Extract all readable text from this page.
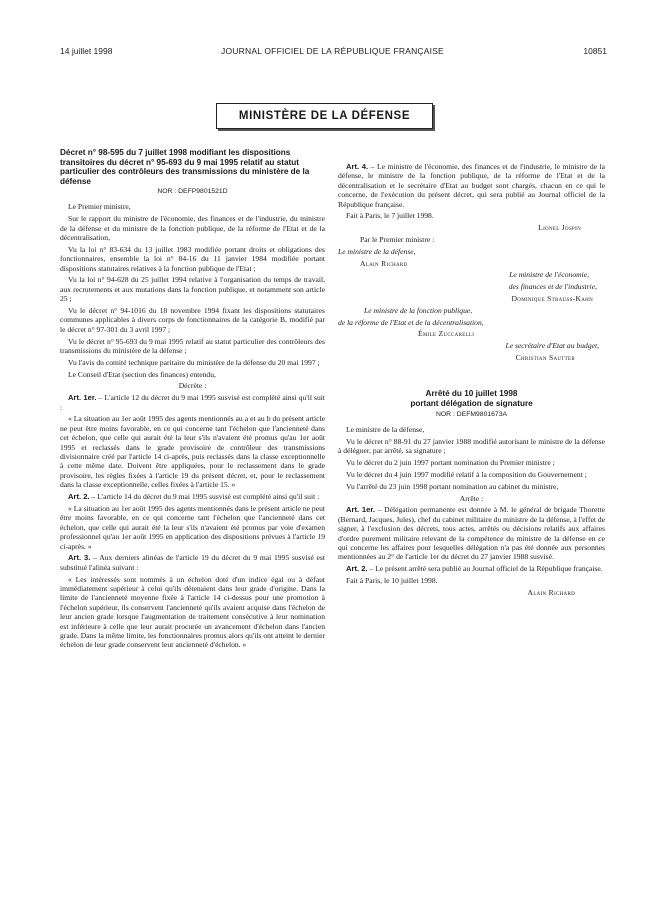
14 juillet 1998	JOURNAL OFFICIEL DE LA RÉPUBLIQUE FRANÇAISE	10851
MINISTÈRE DE LA DÉFENSE
Décret n° 98-595 du 7 juillet 1998 modifiant les dispositions transitoires du décret n° 95-693 du 9 mai 1995 relatif au statut particulier des contrôleurs des transmissions du ministère de la défense
NOR : DEFP9801521D

Le Premier ministre,

Sur le rapport du ministre de l'économie, des finances et de l'industrie, du ministre de la défense et du ministre de la fonction publique, de la réforme de l'Etat et de la décentralisation,

Vu la loi n° 83-634 du 13 juillet 1983 modifiée portant droits et obligations des fonctionnaires, ensemble la loi n° 84-16 du 11 janvier 1984 modifiée portant dispositions statutaires relatives à la fonction publique de l'Etat ;

Vu la loi n° 94-628 du 25 juillet 1994 relative à l'organisation du temps de travail, aux recrutements et aux mutations dans la fonction publique, et notamment son article 25 ;

Vu le décret n° 94-1016 du 18 novembre 1994 fixant les dispositions statutaires communes applicables à divers corps de fonctionnaires de la catégorie B, modifié par le décret n° 97-301 du 3 avril 1997 ;

Vu le décret n° 95-693 du 9 mai 1995 relatif au statut particulier des contrôleurs des transmissions du ministère de la défense ;

Vu l'avis du comité technique paritaire du ministère de la défense du 20 mai 1997 ;

Le Conseil d'Etat (section des finances) entendu,

Décrète :

Art. 1er. – L'article 12 du décret du 9 mai 1995 susvisé est complété ainsi qu'il suit :

« La situation au 1er août 1995 des agents mentionnés au a et au b du présent article ne peut être moins favorable, en ce qui concerne tant l'échelon que l'ancienneté dans cet échelon, que celle qui aurait été la leur s'ils n'avaient été promus qu'au 1er août 1995 et reclassés dans le grade provisoire de contrôleur des transmissions divisionnaire créé par l'article 14 ci-après, puis reclassés dans la classe exceptionnelle à cette même date. Doivent être appliquées, pour le reclassement dans le grade provisoire, les règles fixées à l'article 19 du présent décret, et, pour le reclassement dans la classe exceptionnelle, celles fixées à l'article 15. »

Art. 2. – L'article 14 du décret du 9 mai 1995 susvisé est complété ainsi qu'il suit :

« La situation au 1er août 1995 des agents mentionnés dans le présent article ne peut être moins favorable, en ce qui concerne tant l'échelon que l'ancienneté dans cet échelon, que celle qui aurait été la leur s'ils n'avaient été promus par voie d'examen professionnel qu'au 1er août 1995 en application des dispositions prévues à l'article 19 ci-après. »

Art. 3. – Aux derniers alinéas de l'article 19 du décret du 9 mai 1995 susvisé est substitué l'alinéa suivant :

« Les intéressés sont nommés à un échelon doté d'un indice égal ou à défaut immédiatement supérieur à celui qu'ils détenaient dans leur grade d'origine. Dans la limite de l'ancienneté moyenne fixée à l'article 14 ci-dessus pour une promotion à l'échelon supérieur, ils conservent l'ancienneté qu'ils avaient acquise dans l'échelon de leur ancien grade lorsque l'augmentation de traitement consécutive à leur nomination est inférieure à celle que leur aurait procurée un avancement d'échelon dans l'ancien grade. Dans la même limite, les fonctionnaires promus alors qu'ils ont atteint le dernier échelon de leur grade conservent leur ancienneté d'échelon. »

Art. 4. – Le ministre de l'économie, des finances et de l'industrie, le ministre de la défense, le ministre de la fonction publique, de la réforme de l'Etat et de la décentralisation et le secrétaire d'Etat au budget sont chargés, chacun en ce qui le concerne, de l'exécution du présent décret, qui sera publié au Journal officiel de la République française.

Fait à Paris, le 7 juillet 1998.

Lionel Jospin

Par le Premier ministre :

Le ministre de la défense,

Alain Richard

Le ministre de l'économie,

des finances et de l'industrie,

Dominique Strauss-Kahn

Le ministre de la fonction publique,

de la réforme de l'Etat et de la décentralisation,

Émile Zuccarelli

Le secrétaire d'Etat au budget,

Christian Sautter

Arrêté du 10 juillet 1998
portant délégation de signature
NOR : DEFM9801673A

Le ministre de la défense,

Vu le décret n° 88-91 du 27 janvier 1988 modifié autorisant le ministre de la défense à déléguer, par arrêté, sa signature ;

Vu le décret du 2 juin 1997 portant nomination du Premier ministre ;

Vu le décret du 4 juin 1997 modifié relatif à la composition du Gouvernement ;

Vu l'arrêté du 23 juin 1998 portant nomination au cabinet du ministre,

Arrête :

Art. 1er. – Délégation permanente est donnée à M. le général de brigade Thorette (Bernard, Jacques, Jules), chef du cabinet militaire du ministre de la défense, à l'effet de signer, à l'exclusion des décrets, tous actes, arrêtés ou décisions relatifs aux affaires d'ordre purement militaire relevant de la compétence du ministre de la défense en ce qui concerne les affaires pour lesquelles délégation n'a pas été donnée aux personnes mentionnées au 2° de l'article 1er du décret du 27 janvier 1988 susvisé.

Art. 2. – Le présent arrêté sera publié au Journal officiel de la République française.

Fait à Paris, le 10 juillet 1998.

Alain Richard
